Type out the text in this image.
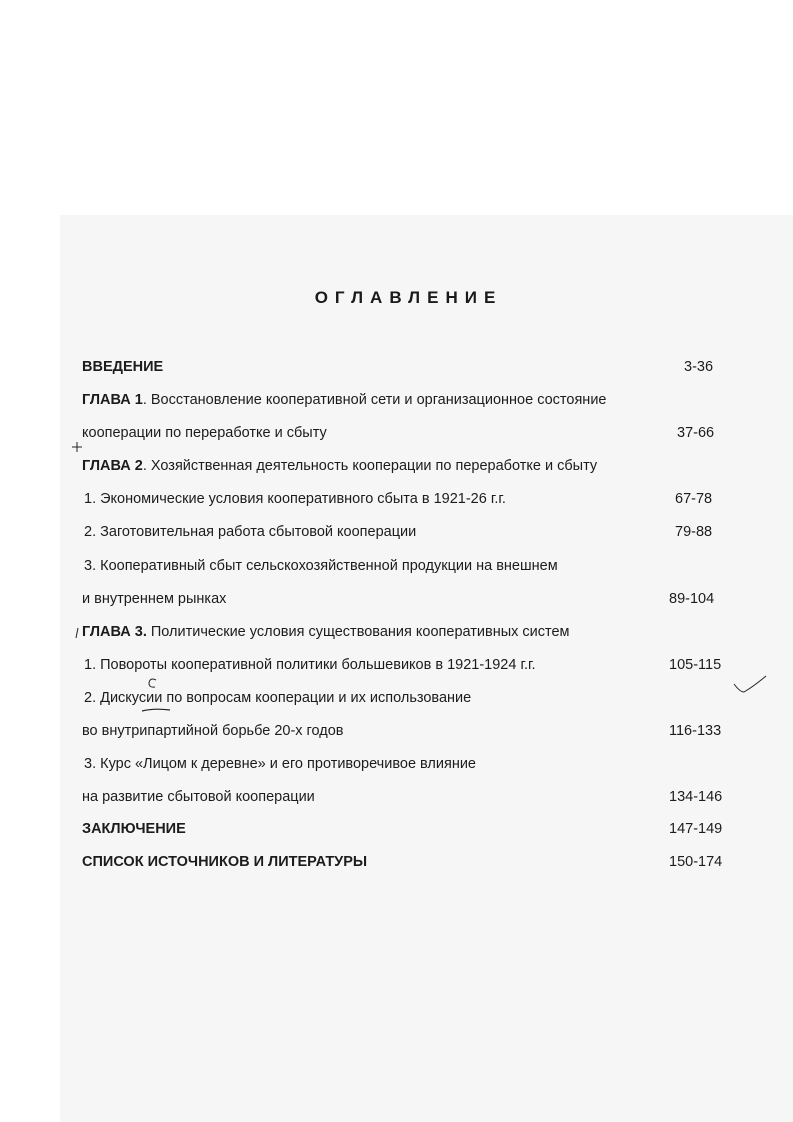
ОГЛАВЛЕНИЕ
ВВЕДЕНИЕ	3-36
ГЛАВА 1. Восстановление кооперативной сети и организационное состояние
кооперации по переработке и сбыту	37-66
ГЛАВА 2. Хозяйственная деятельность кооперации по переработке и сбыту
1. Экономические условия кооперативного сбыта в 1921-26 г.г.	67-78
2. Заготовительная работа сбытовой кооперации	79-88
3. Кооперативный сбыт сельскохозяйственной продукции на внешнем
и внутреннем рынках	89-104
ГЛАВА 3. Политические условия существования кооперативных систем
1. Повороты кооперативной политики большевиков в 1921-1924 г.г.	105-115
2. Дискусии по вопросам кооперации и их использование
во внутрипартийной борьбе 20-х годов	116-133
3. Курс «Лицом к деревне» и его противоречивое влияние
на развитие сбытовой кооперации	134-146
ЗАКЛЮЧЕНИЕ	147-149
СПИСОК ИСТОЧНИКОВ И ЛИТЕРАТУРЫ	150-174
